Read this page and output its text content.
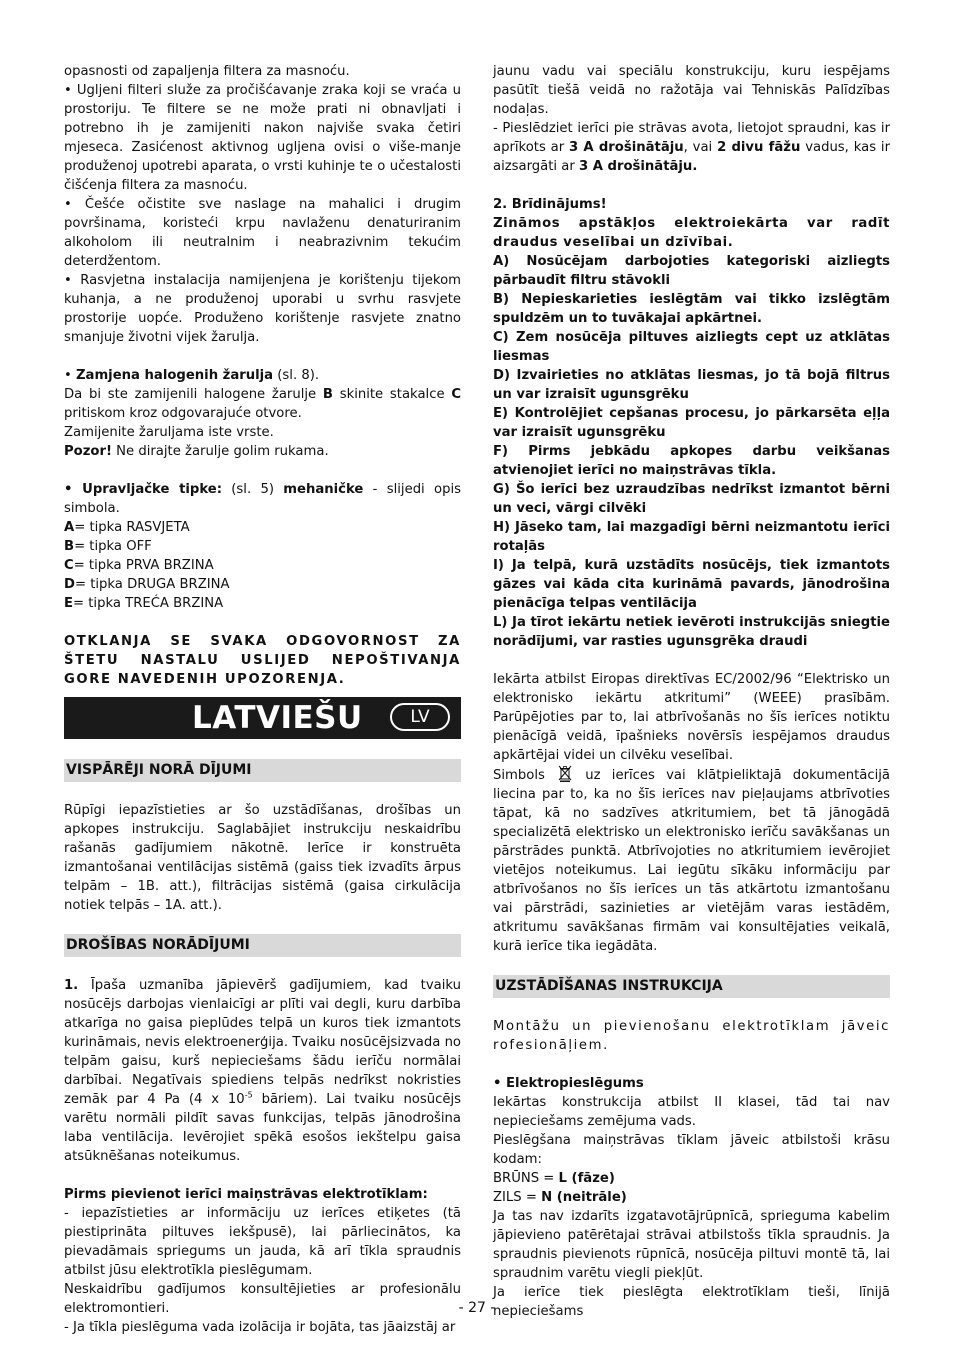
opasnosti od zapaljenja filtera za masnoću.

• Ugljeni filteri služe za pročišćavanje zraka koji se vraća u prostoriju. Te filtere se ne može prati ni obnavljati i potrebno ih je zamijeniti nakon najviše svaka četiri mjeseca. Zasićenost aktivnog ugljena ovisi o više-manje produženoj upotrebi aparata, o vrsti kuhinje te o učestalosti čišćenja filtera za masnoću.

• Češće očistite sve naslage na mahalici i drugim površinama, koristeći krpu navlaženu denaturiranim alkoholom ili neutralnim i neabrazivnim tekućim deterdžentom.

• Rasvjetna instalacija namijenjena je korištenju tijekom kuhanja, a ne produženoj uporabi u svrhu rasvjete prostorije uopće. Produženo korištenje rasvjete znatno smanjuje životni vijek žarulja.

• Zamjena halogenih žarulja (sl. 8).

Da bi ste zamijenili halogene žarulje B skinite stakalce C pritiskom kroz odgovarajuće otvore.

Zamijenite žaruljama iste vrste.

Pozor! Ne dirajte žarulje golim rukama.

• Upravljačke tipke: (sl. 5) mehaničke - slijedi opis simbola.

A= tipka RASVJETA

B= tipka OFF

C= tipka PRVA BRZINA

D= tipka DRUGA BRZINA

E= tipka TREĆA BRZINA

OTKLANJA SE SVAKA ODGOVORNOST ZA ŠTETU NASTALU USLIJED NEPOŠTIVANJA GORE NAVEDENIH UPOZORENJA.

LATVIEŠU	LV
VISPĀRĒJI NORĀ DĪJUMI

Rūpīgi iepazīstieties ar šo uzstādīšanas, drošības un apkopes instrukciju. Saglabājiet instrukciju neskaidrību rašanās gadījumiem nākotnē. Ierīce ir konstruēta izmantošanai ventilācijas sistēmā (gaiss tiek izvadīts ārpus telpām – 1B. att.), filtrācijas sistēmā (gaisa cirkulācija notiek telpās – 1A. att.).

DROŠĪBAS NORĀDĪJUMI

1. Īpaša uzmanība jāpievērš gadījumiem, kad tvaiku nosūcējs darbojas vienlaicīgi ar plīti vai degli, kuru darbība atkarīga no gaisa pieplūdes telpā un kuros tiek izmantots kurināmais, nevis elektroenerģija. Tvaiku nosūcējsizvada no telpām gaisu, kurš nepieciešams šādu ierīču normālai darbībai. Negatīvais spiediens telpās nedrīkst nokristies zemāk par 4 Pa (4 x $10^{-5}$ bāriem). Lai tvaiku nosūcējs varētu normāli pildīt savas funkcijas, telpās jānodrošina laba ventilācija. Ievērojiet spēkā esošos iekštelpu gaisa atsūknēšanas noteikumus.

Pirms pievienot ierīci maiņstrāvas elektrotīklam:

- iepazīstieties ar informāciju uz ierīces etiķetes (tā piestiprināta piltuves iekšpusē), lai pārliecinātos, ka pievadāmais spriegums un jauda, kā arī tīkla spraudnis atbilst jūsu elektrotīkla pieslēgumam.

Neskaidrību gadījumos konsultējieties ar profesionālu elektromontieri.

- Ja tīkla pieslēguma vada izolācija ir bojāta, tas jāaizstāj ar

jaunu vadu vai speciālu konstrukciju, kuru iespējams pasūtīt tiešā veidā no ražotāja vai Tehniskās Palīdzības nodaļas.

- Pieslēdziet ierīci pie strāvas avota, lietojot spraudni, kas ir aprīkots ar 3 A drošinātāju, vai 2 divu fāžu vadus, kas ir aizsargāti ar 3 A drošinātāju.

2. Brīdinājums!

Zināmos apstākļos elektroiekārta var radīt draudus veselībai un dzīvībai.

A) Nosūcējam darbojoties kategoriski aizliegts pārbaudīt filtru stāvokli

B) Nepieskarieties ieslēgtām vai tikko izslēgtām spuldzēm un to tuvākajai apkārtnei.

C) Zem nosūcēja piltuves aizliegts cept uz atklātas liesmas

D) Izvairieties no atklātas liesmas, jo tā bojā filtrus un var izraisīt ugunsgrēku

E) Kontrolējiet cepšanas procesu, jo pārkarsēta eļļa var izraisīt ugunsgrēku

F) Pirms jebkādu apkopes darbu veikšanas atvienojiet ierīci no maiņstrāvas tīkla.

G) Šo ierīci bez uzraudzības nedrīkst izmantot bērni un veci, vārgi cilvēki

H) Jāseko tam, lai mazgadīgi bērni neizmantotu ierīci rotaļās

I) Ja telpā, kurā uzstādīts nosūcējs, tiek izmantots gāzes vai kāda cita kurināmā pavards, jānodrošina pienācīga telpas ventilācija

L) Ja tīrot iekārtu netiek ievēroti instrukcijās sniegtie norādījumi, var rasties ugunsgrēka draudi

Iekārta atbilst Eiropas direktīvas EC/2002/96 “Elektrisko un elektronisko iekārtu atkritumi” (WEEE) prasībām. Parūpējoties par to, lai atbrīvošanās no šīs ierīces notiktu pienācīgā veidā, īpašnieks novērsīs iespējamos draudus apkārtējai videi un cilvēku veselībai.

Simbols  uz ierīces vai klātpieliktajā dokumentācijā liecina par to, ka no šīs ierīces nav pieļaujams atbrīvoties tāpat, kā no sadzīves atkritumiem, bet tā jānogādā specializētā elektrisko un elektronisko ierīču savākšanas un pārstrādes punktā. Atbrīvojoties no atkritumiem ievērojiet vietējos noteikumus. Lai iegūtu sīkāku informāciju par atbrīvošanos no šīs ierīces un tās atkārtotu izmantošanu vai pārstrādi, sazinieties ar vietējām varas iestādēm, atkritumu savākšanas firmām vai konsultējaties veikalā, kurā ierīce tika iegādāta.

UZSTĀDĪŠANAS INSTRUKCIJA

Montāžu un pievienošanu elektrotīklam jāveic rofesionāļiem.

• Elektropieslēgums

Iekārtas konstrukcija atbilst II klasei, tād tai nav nepieciešams zemējuma vads.

Pieslēgšana maiņstrāvas tīklam jāveic atbilstoši krāsu kodam:

BRŪNS = L (fāze)

ZILS = N (neitrāle)

Ja tas nav izdarīts izgatavotājrūpnīcā, sprieguma kabelim jāpievieno patērētajai strāvai atbilstošs tīkla spraudnis. Ja spraudnis pievienots rūpnīcā, nosūcēja piltuvi montē tā, lai spraudnim varētu viegli piekļūt.

Ja ierīce tiek pieslēgta elektrotīklam tieši, līnijā nepieciešams

- 27 -
